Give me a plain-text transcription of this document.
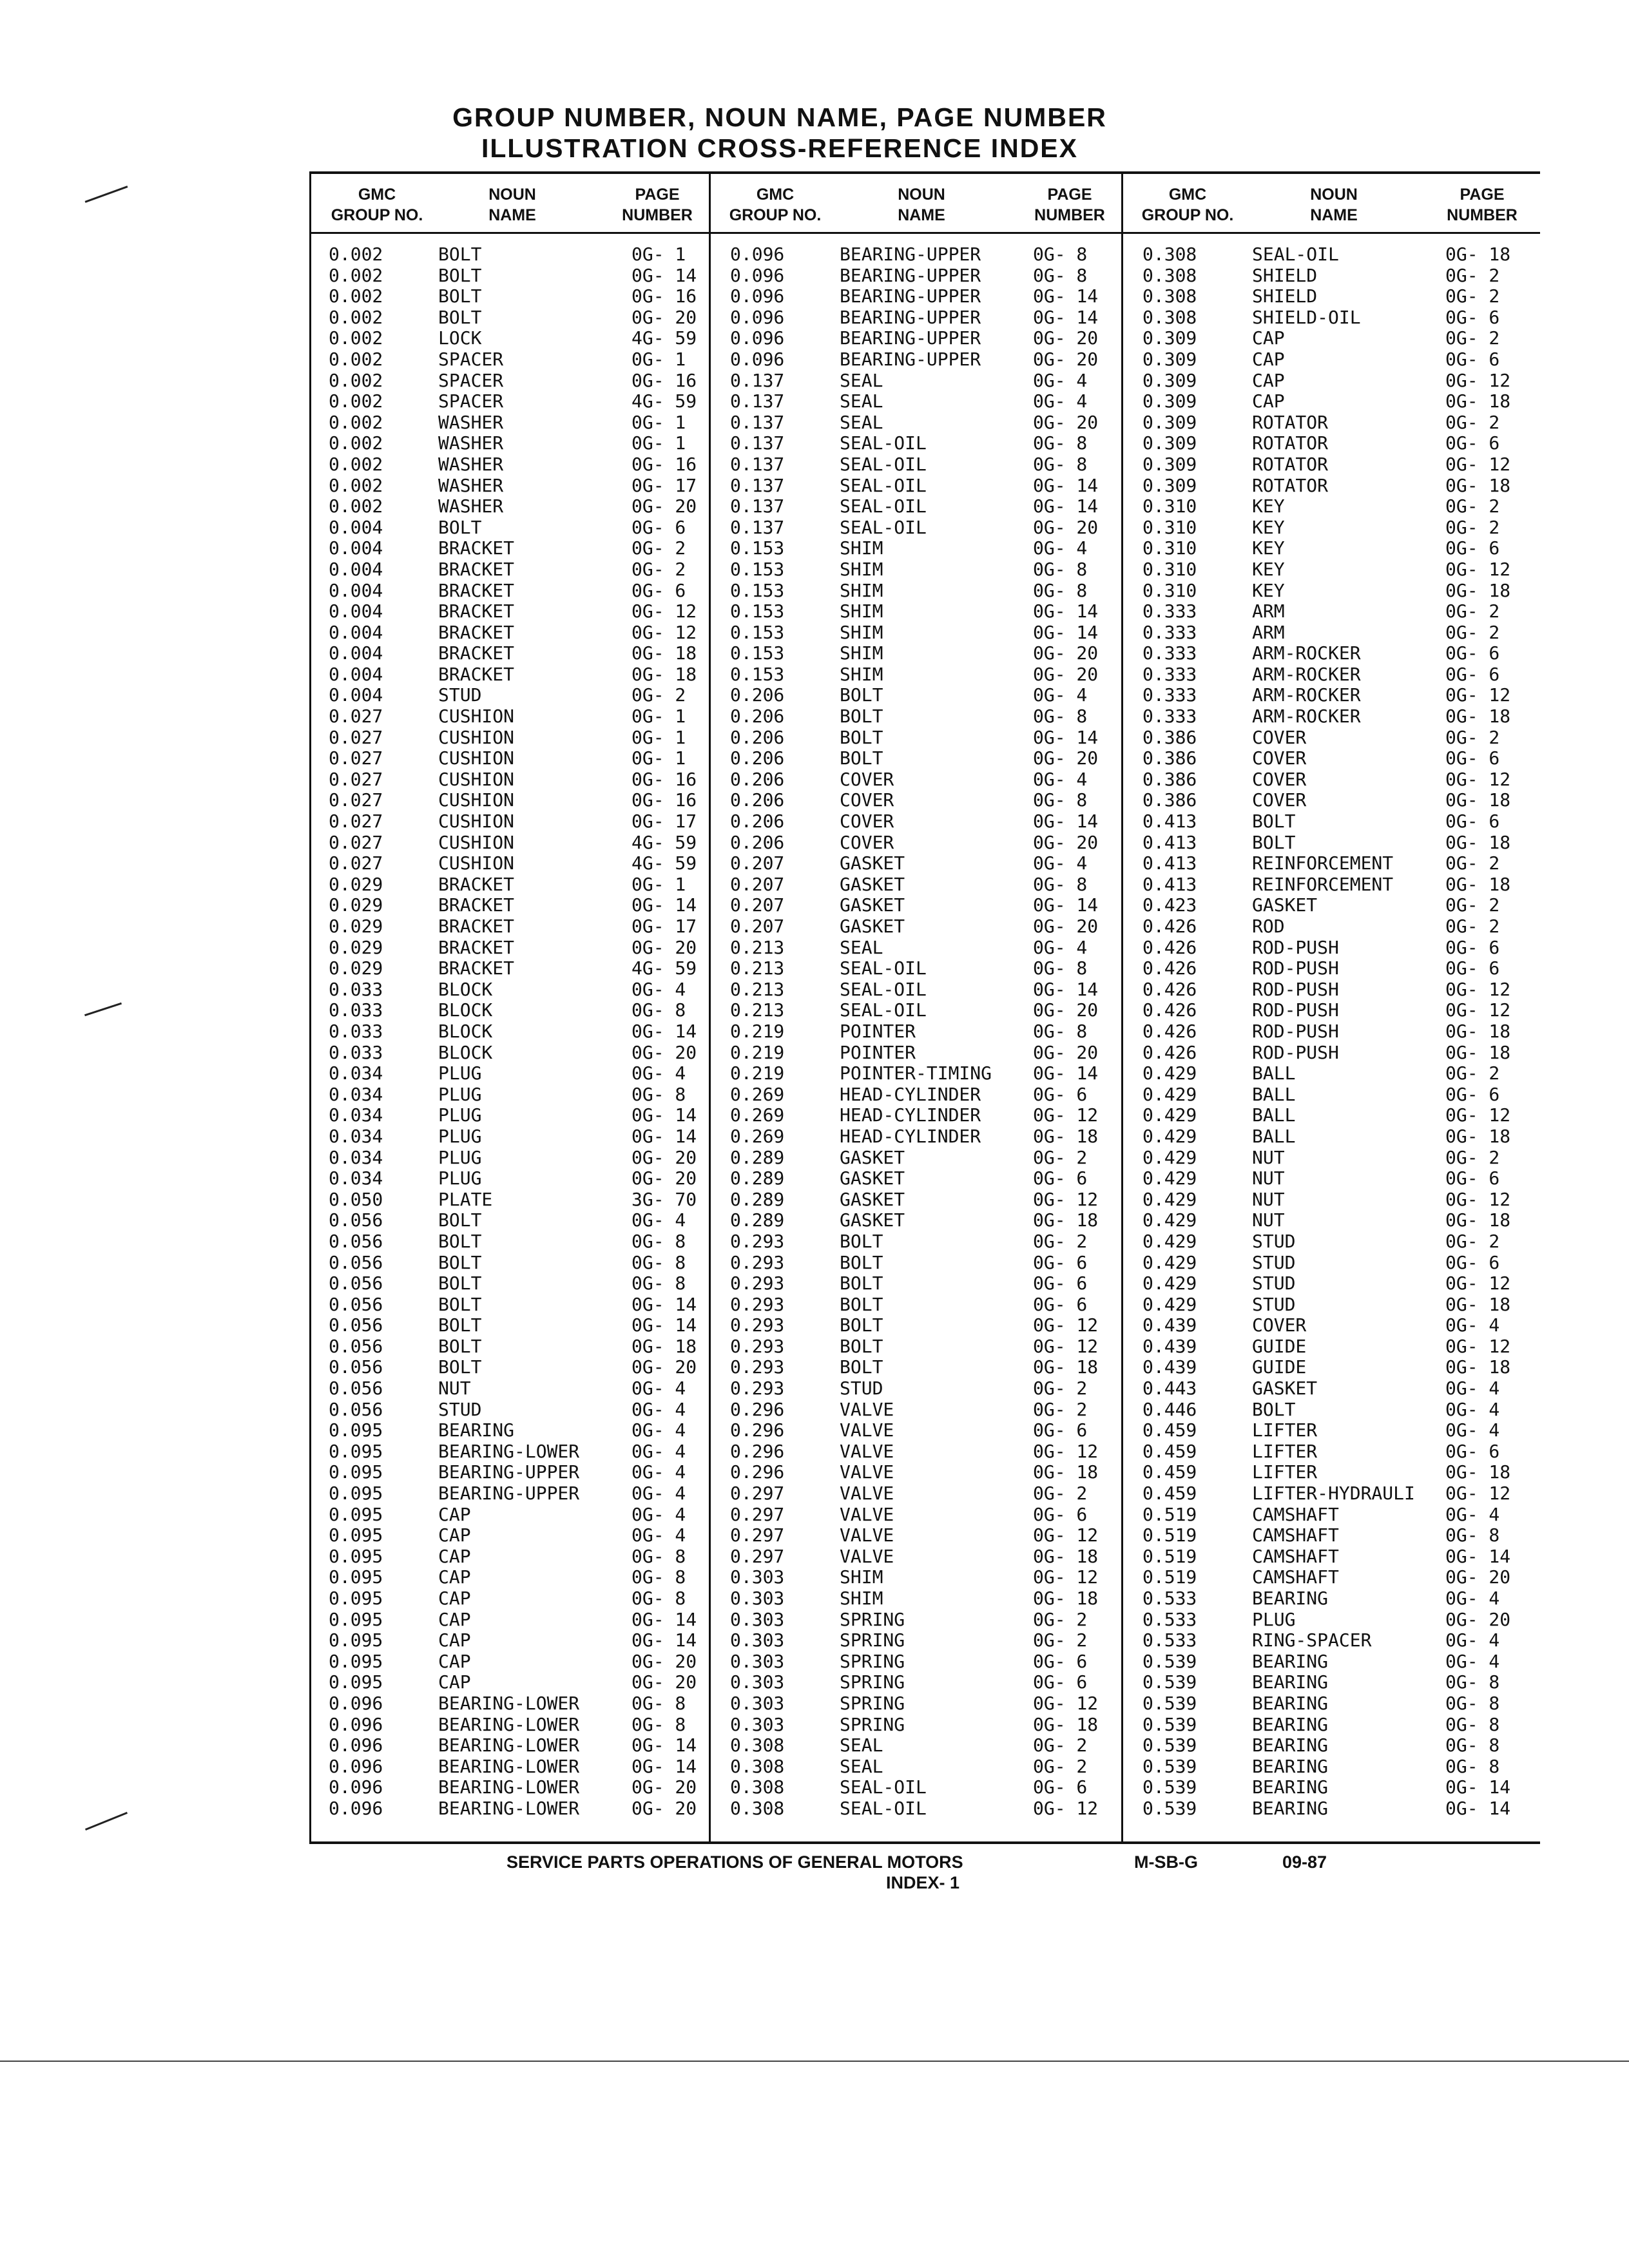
GROUP NUMBER, NOUN NAME, PAGE NUMBER
ILLUSTRATION CROSS-REFERENCE INDEX
GMC
GROUP NO.
NOUN
NAME
PAGE
NUMBER
GMC
GROUP NO.
NOUN
NAME
PAGE
NUMBER
GMC
GROUP NO.
NOUN
NAME
PAGE
NUMBER
0.002	BOLT	0G- 1
0.002	BOLT	0G- 14
0.002	BOLT	0G- 16
0.002	BOLT	0G- 20
0.002	LOCK	4G- 59
0.002	SPACER	0G- 1
0.002	SPACER	0G- 16
0.002	SPACER	4G- 59
0.002	WASHER	0G- 1
0.002	WASHER	0G- 1
0.002	WASHER	0G- 16
0.002	WASHER	0G- 17
0.002	WASHER	0G- 20
0.004	BOLT	0G- 6
0.004	BRACKET	0G- 2
0.004	BRACKET	0G- 2
0.004	BRACKET	0G- 6
0.004	BRACKET	0G- 12
0.004	BRACKET	0G- 12
0.004	BRACKET	0G- 18
0.004	BRACKET	0G- 18
0.004	STUD	0G- 2
0.027	CUSHION	0G- 1
0.027	CUSHION	0G- 1
0.027	CUSHION	0G- 1
0.027	CUSHION	0G- 16
0.027	CUSHION	0G- 16
0.027	CUSHION	0G- 17
0.027	CUSHION	4G- 59
0.027	CUSHION	4G- 59
0.029	BRACKET	0G- 1
0.029	BRACKET	0G- 14
0.029	BRACKET	0G- 17
0.029	BRACKET	0G- 20
0.029	BRACKET	4G- 59
0.033	BLOCK	0G- 4
0.033	BLOCK	0G- 8
0.033	BLOCK	0G- 14
0.033	BLOCK	0G- 20
0.034	PLUG	0G- 4
0.034	PLUG	0G- 8
0.034	PLUG	0G- 14
0.034	PLUG	0G- 14
0.034	PLUG	0G- 20
0.034	PLUG	0G- 20
0.050	PLATE	3G- 70
0.056	BOLT	0G- 4
0.056	BOLT	0G- 8
0.056	BOLT	0G- 8
0.056	BOLT	0G- 8
0.056	BOLT	0G- 14
0.056	BOLT	0G- 14
0.056	BOLT	0G- 18
0.056	BOLT	0G- 20
0.056	NUT	0G- 4
0.056	STUD	0G- 4
0.095	BEARING	0G- 4
0.095	BEARING-LOWER	0G- 4
0.095	BEARING-UPPER	0G- 4
0.095	BEARING-UPPER	0G- 4
0.095	CAP	0G- 4
0.095	CAP	0G- 4
0.095	CAP	0G- 8
0.095	CAP	0G- 8
0.095	CAP	0G- 8
0.095	CAP	0G- 14
0.095	CAP	0G- 14
0.095	CAP	0G- 20
0.095	CAP	0G- 20
0.096	BEARING-LOWER	0G- 8
0.096	BEARING-LOWER	0G- 8
0.096	BEARING-LOWER	0G- 14
0.096	BEARING-LOWER	0G- 14
0.096	BEARING-LOWER	0G- 20
0.096	BEARING-LOWER	0G- 20
0.096	BEARING-UPPER	0G- 8
0.096	BEARING-UPPER	0G- 8
0.096	BEARING-UPPER	0G- 14
0.096	BEARING-UPPER	0G- 14
0.096	BEARING-UPPER	0G- 20
0.096	BEARING-UPPER	0G- 20
0.137	SEAL	0G- 4
0.137	SEAL	0G- 4
0.137	SEAL	0G- 20
0.137	SEAL-OIL	0G- 8
0.137	SEAL-OIL	0G- 8
0.137	SEAL-OIL	0G- 14
0.137	SEAL-OIL	0G- 14
0.137	SEAL-OIL	0G- 20
0.153	SHIM	0G- 4
0.153	SHIM	0G- 8
0.153	SHIM	0G- 8
0.153	SHIM	0G- 14
0.153	SHIM	0G- 14
0.153	SHIM	0G- 20
0.153	SHIM	0G- 20
0.206	BOLT	0G- 4
0.206	BOLT	0G- 8
0.206	BOLT	0G- 14
0.206	BOLT	0G- 20
0.206	COVER	0G- 4
0.206	COVER	0G- 8
0.206	COVER	0G- 14
0.206	COVER	0G- 20
0.207	GASKET	0G- 4
0.207	GASKET	0G- 8
0.207	GASKET	0G- 14
0.207	GASKET	0G- 20
0.213	SEAL	0G- 4
0.213	SEAL-OIL	0G- 8
0.213	SEAL-OIL	0G- 14
0.213	SEAL-OIL	0G- 20
0.219	POINTER	0G- 8
0.219	POINTER	0G- 20
0.219	POINTER-TIMING 0G- 14
0.269	HEAD-CYLINDER	0G- 6
0.269	HEAD-CYLINDER	0G- 12
0.269	HEAD-CYLINDER	0G- 18
0.289	GASKET	0G- 2
0.289	GASKET	0G- 6
0.289	GASKET	0G- 12
0.289	GASKET	0G- 18
0.293	BOLT	0G- 2
0.293	BOLT	0G- 6
0.293	BOLT	0G- 6
0.293	BOLT	0G- 6
0.293	BOLT	0G- 12
0.293	BOLT	0G- 12
0.293	BOLT	0G- 18
0.293	STUD	0G- 2
0.296	VALVE	0G- 2
0.296	VALVE	0G- 6
0.296	VALVE	0G- 12
0.296	VALVE	0G- 18
0.297	VALVE	0G- 2
0.297	VALVE	0G- 6
0.297	VALVE	0G- 12
0.297	VALVE	0G- 18
0.303	SHIM	0G- 12
0.303	SHIM	0G- 18
0.303	SPRING	0G- 2
0.303	SPRING	0G- 2
0.303	SPRING	0G- 6
0.303	SPRING	0G- 6
0.303	SPRING	0G- 12
0.303	SPRING	0G- 18
0.308	SEAL	0G- 2
0.308	SEAL	0G- 2
0.308	SEAL-OIL	0G- 6
0.308	SEAL-OIL	0G- 12
0.308	SEAL-OIL	0G- 18
0.308	SHIELD	0G- 2
0.308	SHIELD	0G- 2
0.308	SHIELD-OIL	0G- 6
0.309	CAP	0G- 2
0.309	CAP	0G- 6
0.309	CAP	0G- 12
0.309	CAP	0G- 18
0.309	ROTATOR	0G- 2
0.309	ROTATOR	0G- 6
0.309	ROTATOR	0G- 12
0.309	ROTATOR	0G- 18
0.310	KEY	0G- 2
0.310	KEY	0G- 2
0.310	KEY	0G- 6
0.310	KEY	0G- 12
0.310	KEY	0G- 18
0.333	ARM	0G- 2
0.333	ARM	0G- 2
0.333	ARM-ROCKER	0G- 6
0.333	ARM-ROCKER	0G- 6
0.333	ARM-ROCKER	0G- 12
0.333	ARM-ROCKER	0G- 18
0.386	COVER	0G- 2
0.386	COVER	0G- 6
0.386	COVER	0G- 12
0.386	COVER	0G- 18
0.413	BOLT	0G- 6
0.413	BOLT	0G- 18
0.413	REINFORCEMENT	0G- 2
0.413	REINFORCEMENT	0G- 18
0.423	GASKET	0G- 2
0.426	ROD	0G- 2
0.426	ROD-PUSH	0G- 6
0.426	ROD-PUSH	0G- 6
0.426	ROD-PUSH	0G- 12
0.426	ROD-PUSH	0G- 12
0.426	ROD-PUSH	0G- 18
0.426	ROD-PUSH	0G- 18
0.429	BALL	0G- 2
0.429	BALL	0G- 6
0.429	BALL	0G- 12
0.429	BALL	0G- 18
0.429	NUT	0G- 2
0.429	NUT	0G- 6
0.429	NUT	0G- 12
0.429	NUT	0G- 18
0.429	STUD	0G- 2
0.429	STUD	0G- 6
0.429	STUD	0G- 12
0.429	STUD	0G- 18
0.439	COVER	0G- 4
0.439	GUIDE	0G- 12
0.439	GUIDE	0G- 18
0.443	GASKET	0G- 4
0.446	BOLT	0G- 4
0.459	LIFTER	0G- 4
0.459	LIFTER	0G- 6
0.459	LIFTER	0G- 18
0.459	LIFTER-HYDRAULI 0G- 12
0.519	CAMSHAFT	0G- 4
0.519	CAMSHAFT	0G- 8
0.519	CAMSHAFT	0G- 14
0.519	CAMSHAFT	0G- 20
0.533	BEARING	0G- 4
0.533	PLUG	0G- 20
0.533	RING-SPACER	0G- 4
0.539	BEARING	0G- 4
0.539	BEARING	0G- 8
0.539	BEARING	0G- 8
0.539	BEARING	0G- 8
0.539	BEARING	0G- 8
0.539	BEARING	0G- 8
0.539	BEARING	0G- 14
0.539	BEARING	0G- 14
SERVICE PARTS OPERATIONS OF GENERAL MOTORS	M-SB-G	09-87
INDEX- 1
